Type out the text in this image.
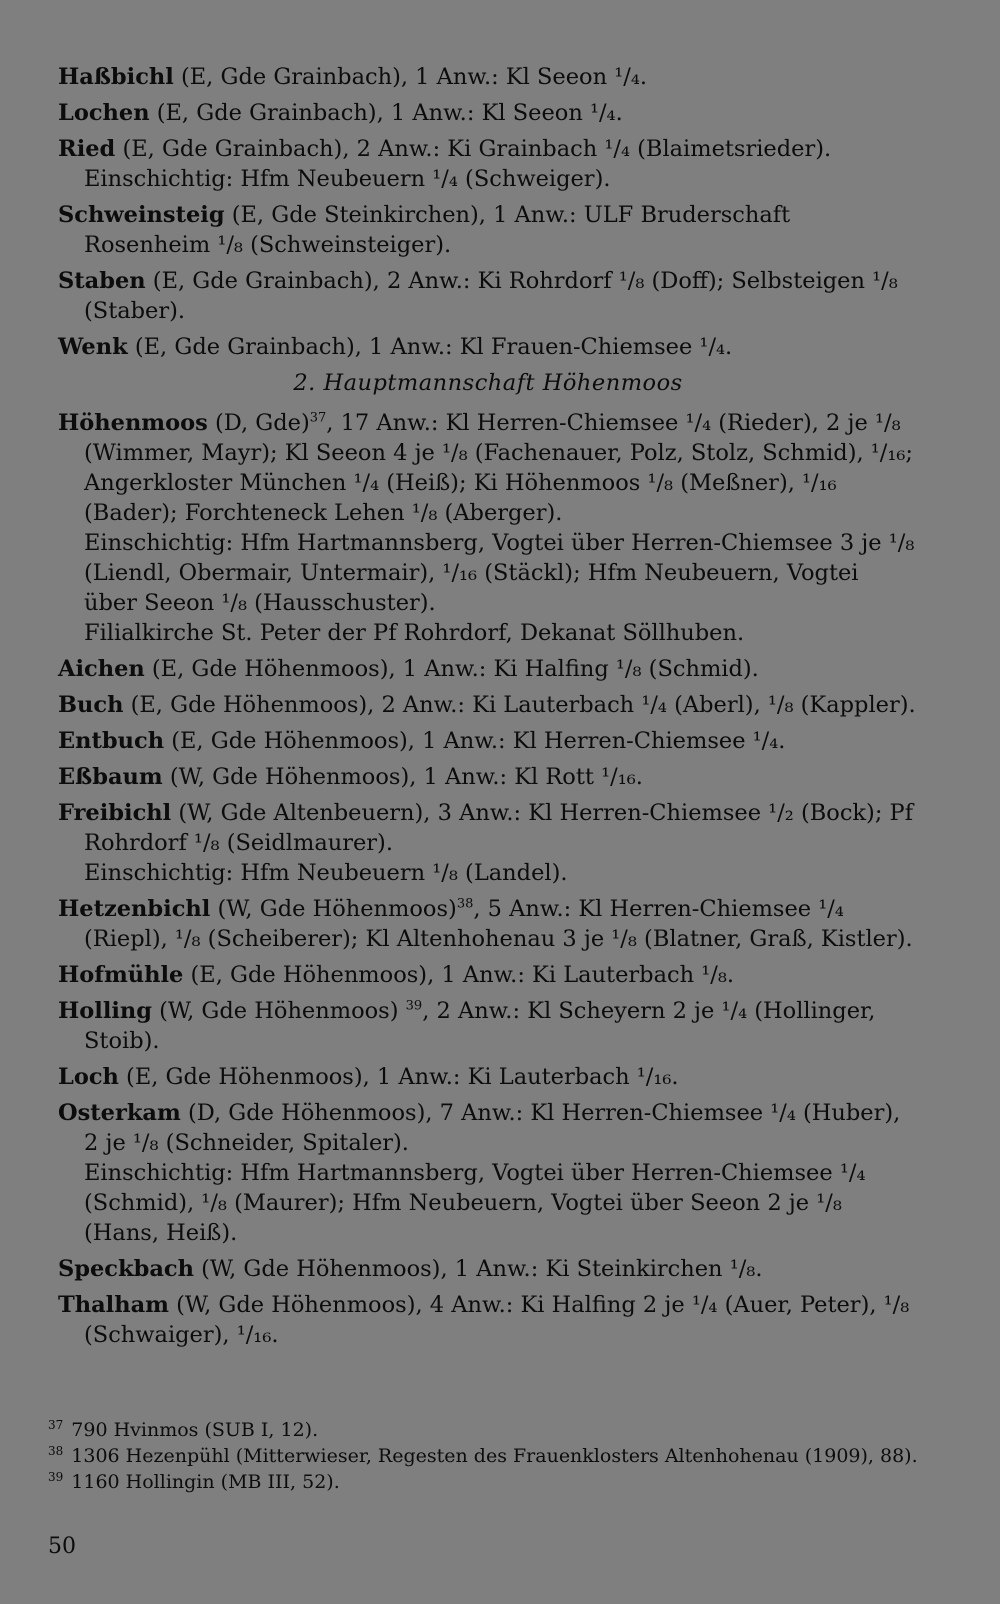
Haßbichl (E, Gde Grainbach), 1 Anw.: Kl Seeon ¹/₄.

Lochen (E, Gde Grainbach), 1 Anw.: Kl Seeon ¹/₄.

Ried (E, Gde Grainbach), 2 Anw.: Ki Grainbach ¹/₄ (Blaimetsrieder).

Einschichtig: Hfm Neubeuern ¹/₄ (Schweiger).

Schweinsteig (E, Gde Steinkirchen), 1 Anw.: ULF Bruderschaft Rosenheim ¹/₈ (Schweinsteiger).

Staben (E, Gde Grainbach), 2 Anw.: Ki Rohrdorf ¹/₈ (Doff); Selbsteigen ¹/₈ (Staber).

Wenk (E, Gde Grainbach), 1 Anw.: Kl Frauen-Chiemsee ¹/₄.

2. Hauptmannschaft Höhenmoos

Höhenmoos (D, Gde)$^{37}$, 17 Anw.: Kl Herren-Chiemsee ¹/₄ (Rieder), 2 je ¹/₈ (Wimmer, Mayr); Kl Seeon 4 je ¹/₈ (Fachenauer, Polz, Stolz, Schmid), ¹/₁₆; Angerkloster München ¹/₄ (Heiß); Ki Höhenmoos ¹/₈ (Meßner), ¹/₁₆ (Bader); Forchteneck Lehen ¹/₈ (Aberger).

Einschichtig: Hfm Hartmannsberg, Vogtei über Herren-Chiemsee 3 je ¹/₈ (Liendl, Obermair, Untermair), ¹/₁₆ (Stäckl); Hfm Neubeuern, Vogtei über Seeon ¹/₈ (Hausschuster).

Filialkirche St. Peter der Pf Rohrdorf, Dekanat Söllhuben.

Aichen (E, Gde Höhenmoos), 1 Anw.: Ki Halfing ¹/₈ (Schmid).

Buch (E, Gde Höhenmoos), 2 Anw.: Ki Lauterbach ¹/₄ (Aberl), ¹/₈ (Kappler).

Entbuch (E, Gde Höhenmoos), 1 Anw.: Kl Herren-Chiemsee ¹/₄.

Eßbaum (W, Gde Höhenmoos), 1 Anw.: Kl Rott ¹/₁₆.

Freibichl (W, Gde Altenbeuern), 3 Anw.: Kl Herren-Chiemsee ¹/₂ (Bock); Pf Rohrdorf ¹/₈ (Seidlmaurer).

Einschichtig: Hfm Neubeuern ¹/₈ (Landel).

Hetzenbichl (W, Gde Höhenmoos)$^{38}$, 5 Anw.: Kl Herren-Chiemsee ¹/₄ (Riepl), ¹/₈ (Scheiberer); Kl Altenhohenau 3 je ¹/₈ (Blatner, Graß, Kistler).

Hofmühle (E, Gde Höhenmoos), 1 Anw.: Ki Lauterbach ¹/₈.

Holling (W, Gde Höhenmoos) $^{39}$, 2 Anw.: Kl Scheyern 2 je ¹/₄ (Hollinger, Stoib).

Loch (E, Gde Höhenmoos), 1 Anw.: Ki Lauterbach ¹/₁₆.

Osterkam (D, Gde Höhenmoos), 7 Anw.: Kl Herren-Chiemsee ¹/₄ (Huber), 2 je ¹/₈ (Schneider, Spitaler).

Einschichtig: Hfm Hartmannsberg, Vogtei über Herren-Chiemsee ¹/₄ (Schmid), ¹/₈ (Maurer); Hfm Neubeuern, Vogtei über Seeon 2 je ¹/₈ (Hans, Heiß).

Speckbach (W, Gde Höhenmoos), 1 Anw.: Ki Steinkirchen ¹/₈.

Thalham (W, Gde Höhenmoos), 4 Anw.: Ki Halfing 2 je ¹/₄ (Auer, Peter), ¹/₈ (Schwaiger), ¹/₁₆.

$^{37}$ 790 Hvinmos (SUB I, 12).
$^{38}$ 1306 Hezenpühl (Mitterwieser, Regesten des Frauenklosters Altenhohenau (1909), 88).
$^{39}$ 1160 Hollingin (MB III, 52).
50
